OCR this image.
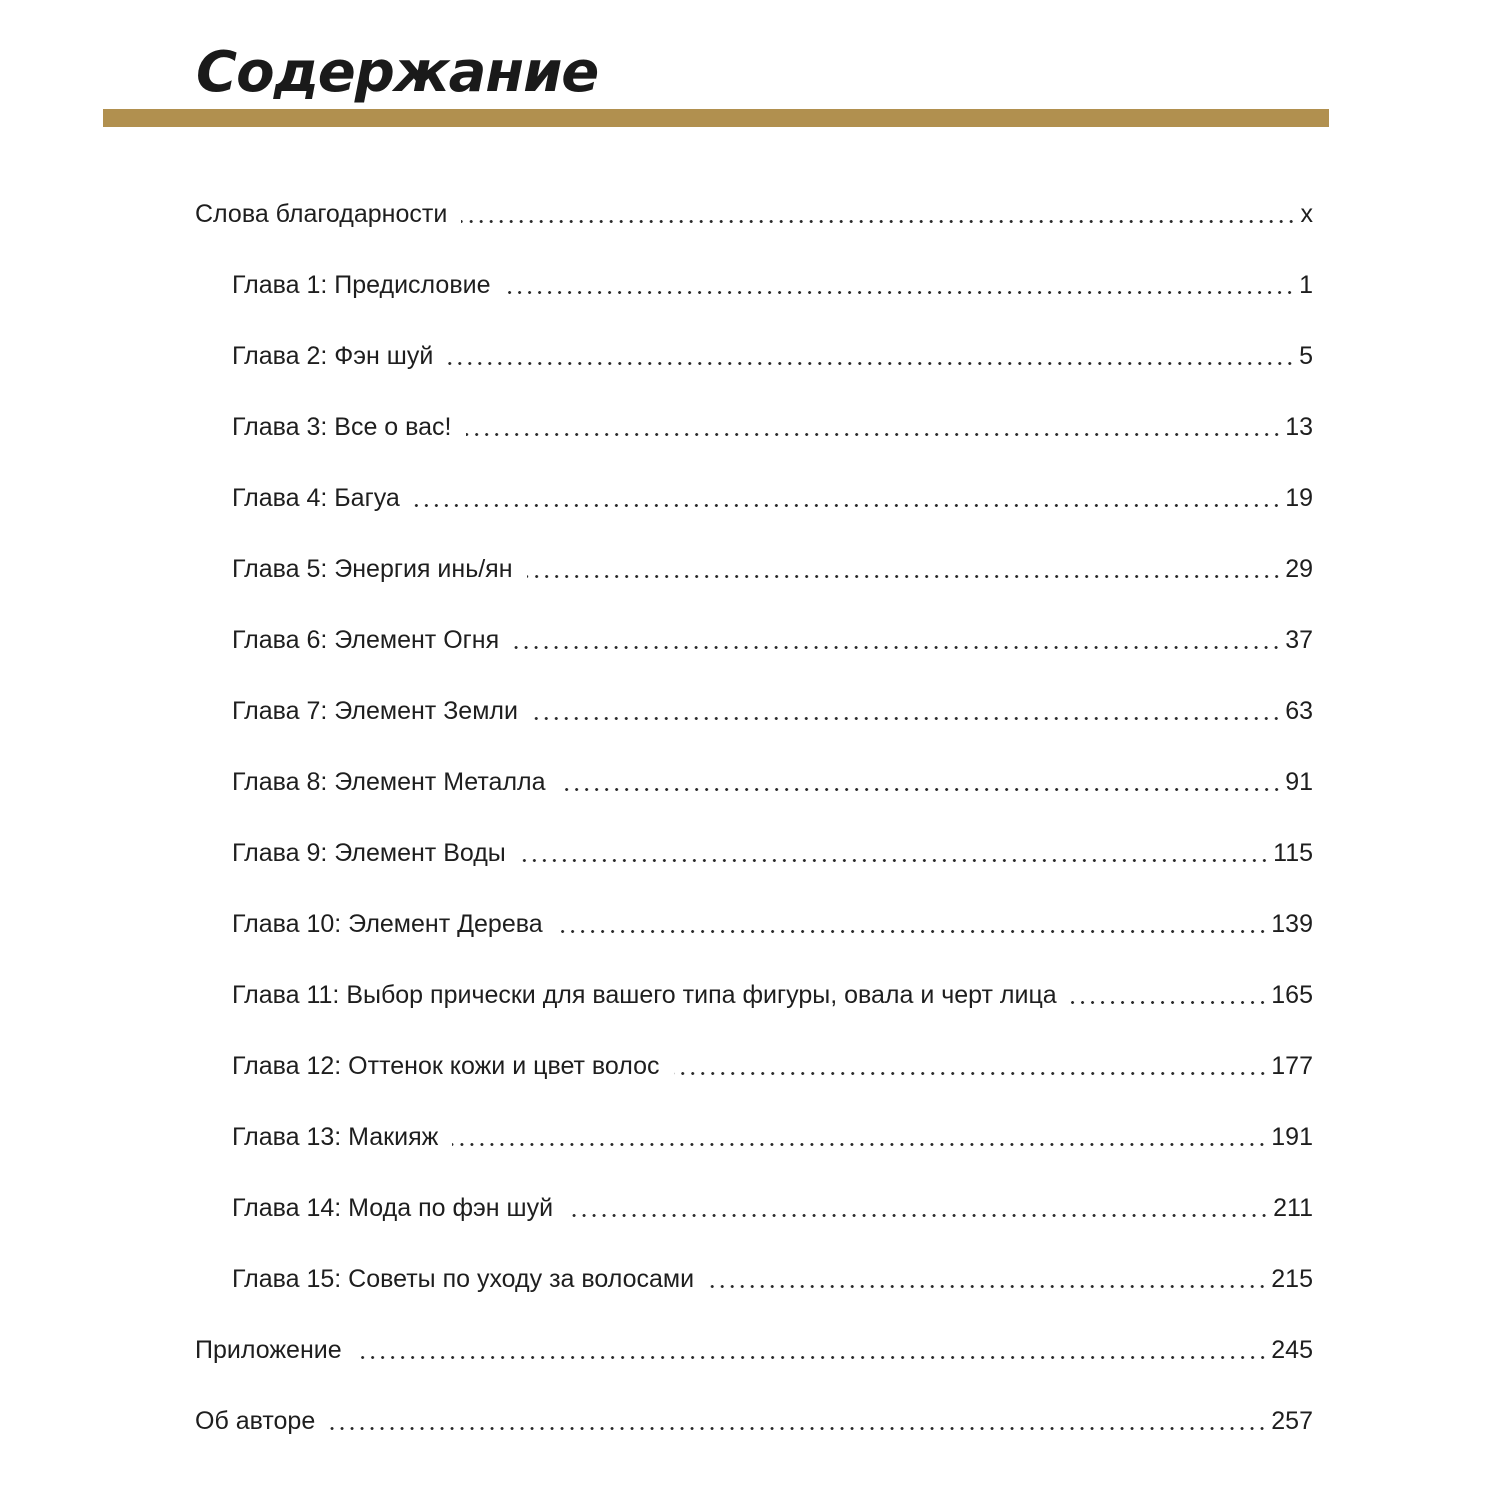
Содержание
Слова благодарности	x
Глава 1: Предисловие	1
Глава 2: Фэн шуй	5
Глава 3: Все о вас!	13
Глава 4: Багуа	19
Глава 5: Энергия инь/ян	29
Глава 6: Элемент Огня	37
Глава 7: Элемент Земли	63
Глава 8: Элемент Металла	91
Глава 9: Элемент Воды	115
Глава 10: Элемент Дерева	139
Глава 11: Выбор прически для вашего типа фигуры, овала и черт лица	165
Глава 12: Оттенок кожи и цвет волос	177
Глава 13: Макияж	191
Глава 14: Мода по фэн шуй	211
Глава 15: Советы по уходу за волосами	215
Приложение	245
Об авторе	257
